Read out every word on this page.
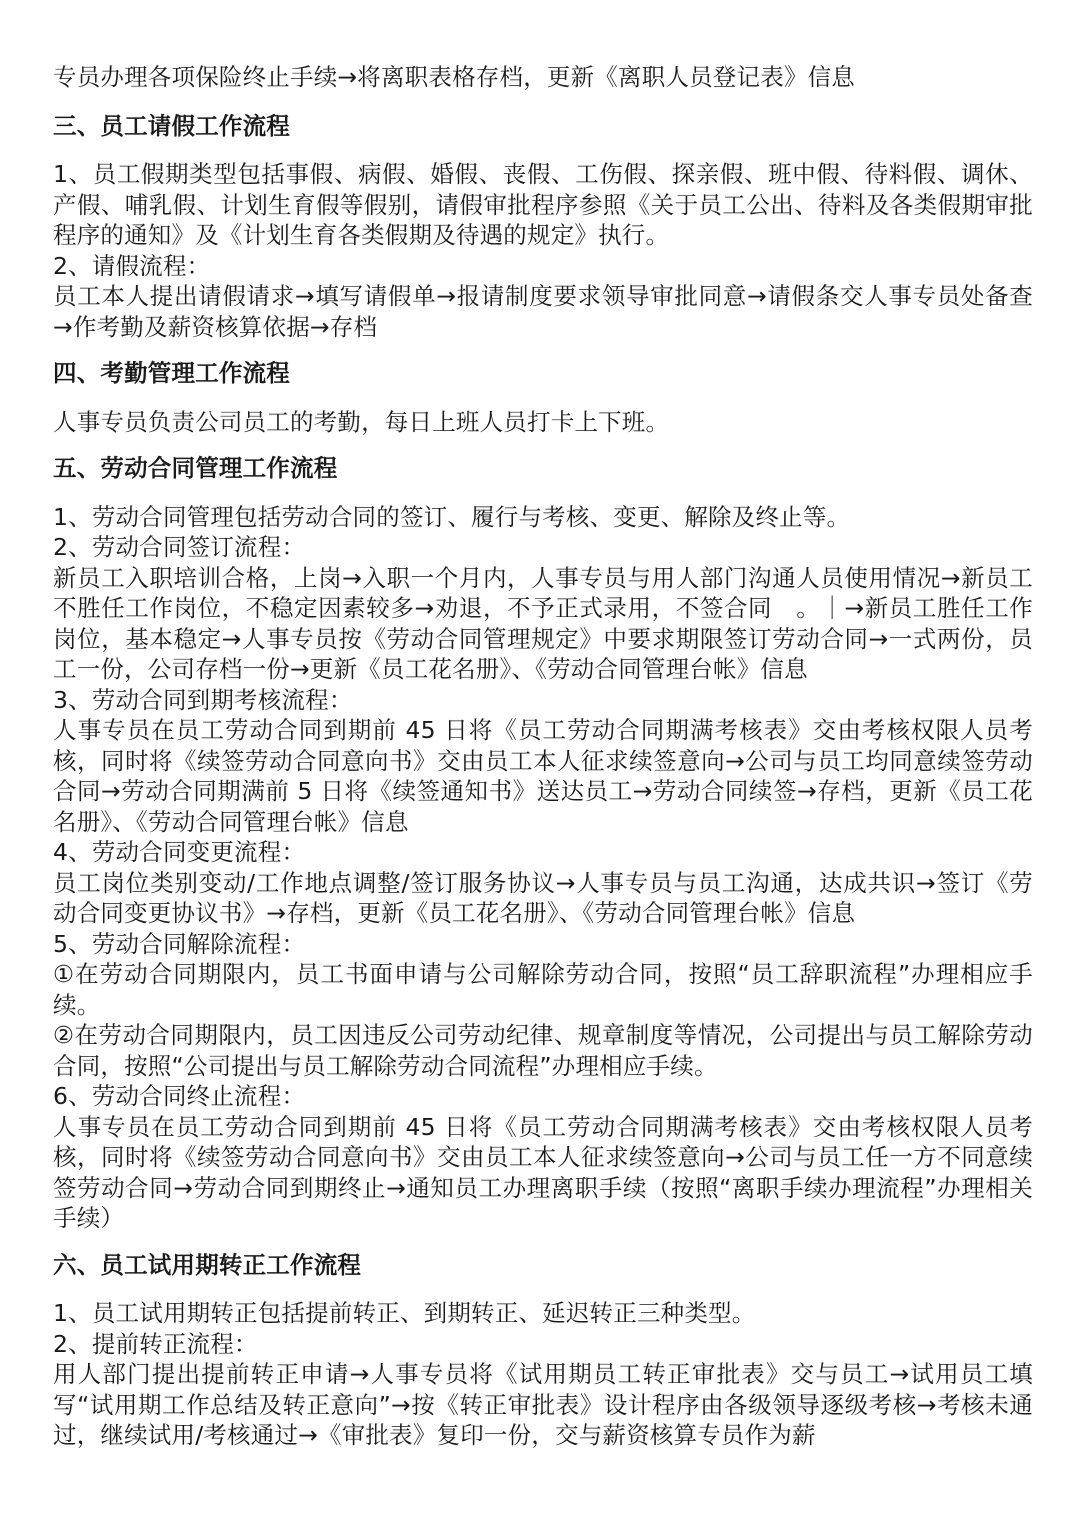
专员办理各项保险终止手续→将离职表格存档，更新《离职人员登记表》信息

三、员工请假工作流程

1、员工假期类型包括事假、病假、婚假、丧假、工伤假、探亲假、班中假、待料假、调休、产假、哺乳假、计划生育假等假别，请假审批程序参照《关于员工公出、待料及各类假期审批程序的通知》及《计划生育各类假期及待遇的规定》执行。

2、请假流程：

员工本人提出请假请求→填写请假单→报请制度要求领导审批同意→请假条交人事专员处备查→作考勤及薪资核算依据→存档

四、考勤管理工作流程

人事专员负责公司员工的考勤，每日上班人员打卡上下班。

五、劳动合同管理工作流程

1、劳动合同管理包括劳动合同的签订、履行与考核、变更、解除及终止等。

2、劳动合同签订流程：

新员工入职培训合格，上岗→入职一个月内，人事专员与用人部门沟通人员使用情况→新员工不胜任工作岗位，不稳定因素较多→劝退，不予正式录用，不签合同　。｜→新员工胜任工作岗位，基本稳定→人事专员按《劳动合同管理规定》中要求期限签订劳动合同→一式两份，员工一份，公司存档一份→更新《员工花名册》、《劳动合同管理台帐》信息

3、劳动合同到期考核流程：

人事专员在员工劳动合同到期前 45 日将《员工劳动合同期满考核表》交由考核权限人员考核，同时将《续签劳动合同意向书》交由员工本人征求续签意向→公司与员工均同意续签劳动合同→劳动合同期满前 5 日将《续签通知书》送达员工→劳动合同续签→存档，更新《员工花名册》、《劳动合同管理台帐》信息

4、劳动合同变更流程：

员工岗位类别变动/工作地点调整/签订服务协议→人事专员与员工沟通，达成共识→签订《劳动合同变更协议书》→存档，更新《员工花名册》、《劳动合同管理台帐》信息

5、劳动合同解除流程：

①在劳动合同期限内，员工书面申请与公司解除劳动合同，按照“员工辞职流程”办理相应手续。

②在劳动合同期限内，员工因违反公司劳动纪律、规章制度等情况，公司提出与员工解除劳动合同，按照“公司提出与员工解除劳动合同流程”办理相应手续。

6、劳动合同终止流程：

人事专员在员工劳动合同到期前 45 日将《员工劳动合同期满考核表》交由考核权限人员考核，同时将《续签劳动合同意向书》交由员工本人征求续签意向→公司与员工任一方不同意续签劳动合同→劳动合同到期终止→通知员工办理离职手续（按照“离职手续办理流程”办理相关手续）

六、员工试用期转正工作流程

1、员工试用期转正包括提前转正、到期转正、延迟转正三种类型。

2、提前转正流程：

用人部门提出提前转正申请→人事专员将《试用期员工转正审批表》交与员工→试用员工填写“试用期工作总结及转正意向”→按《转正审批表》设计程序由各级领导逐级考核→考核未通过，继续试用/考核通过→《审批表》复印一份，交与薪资核算专员作为薪
